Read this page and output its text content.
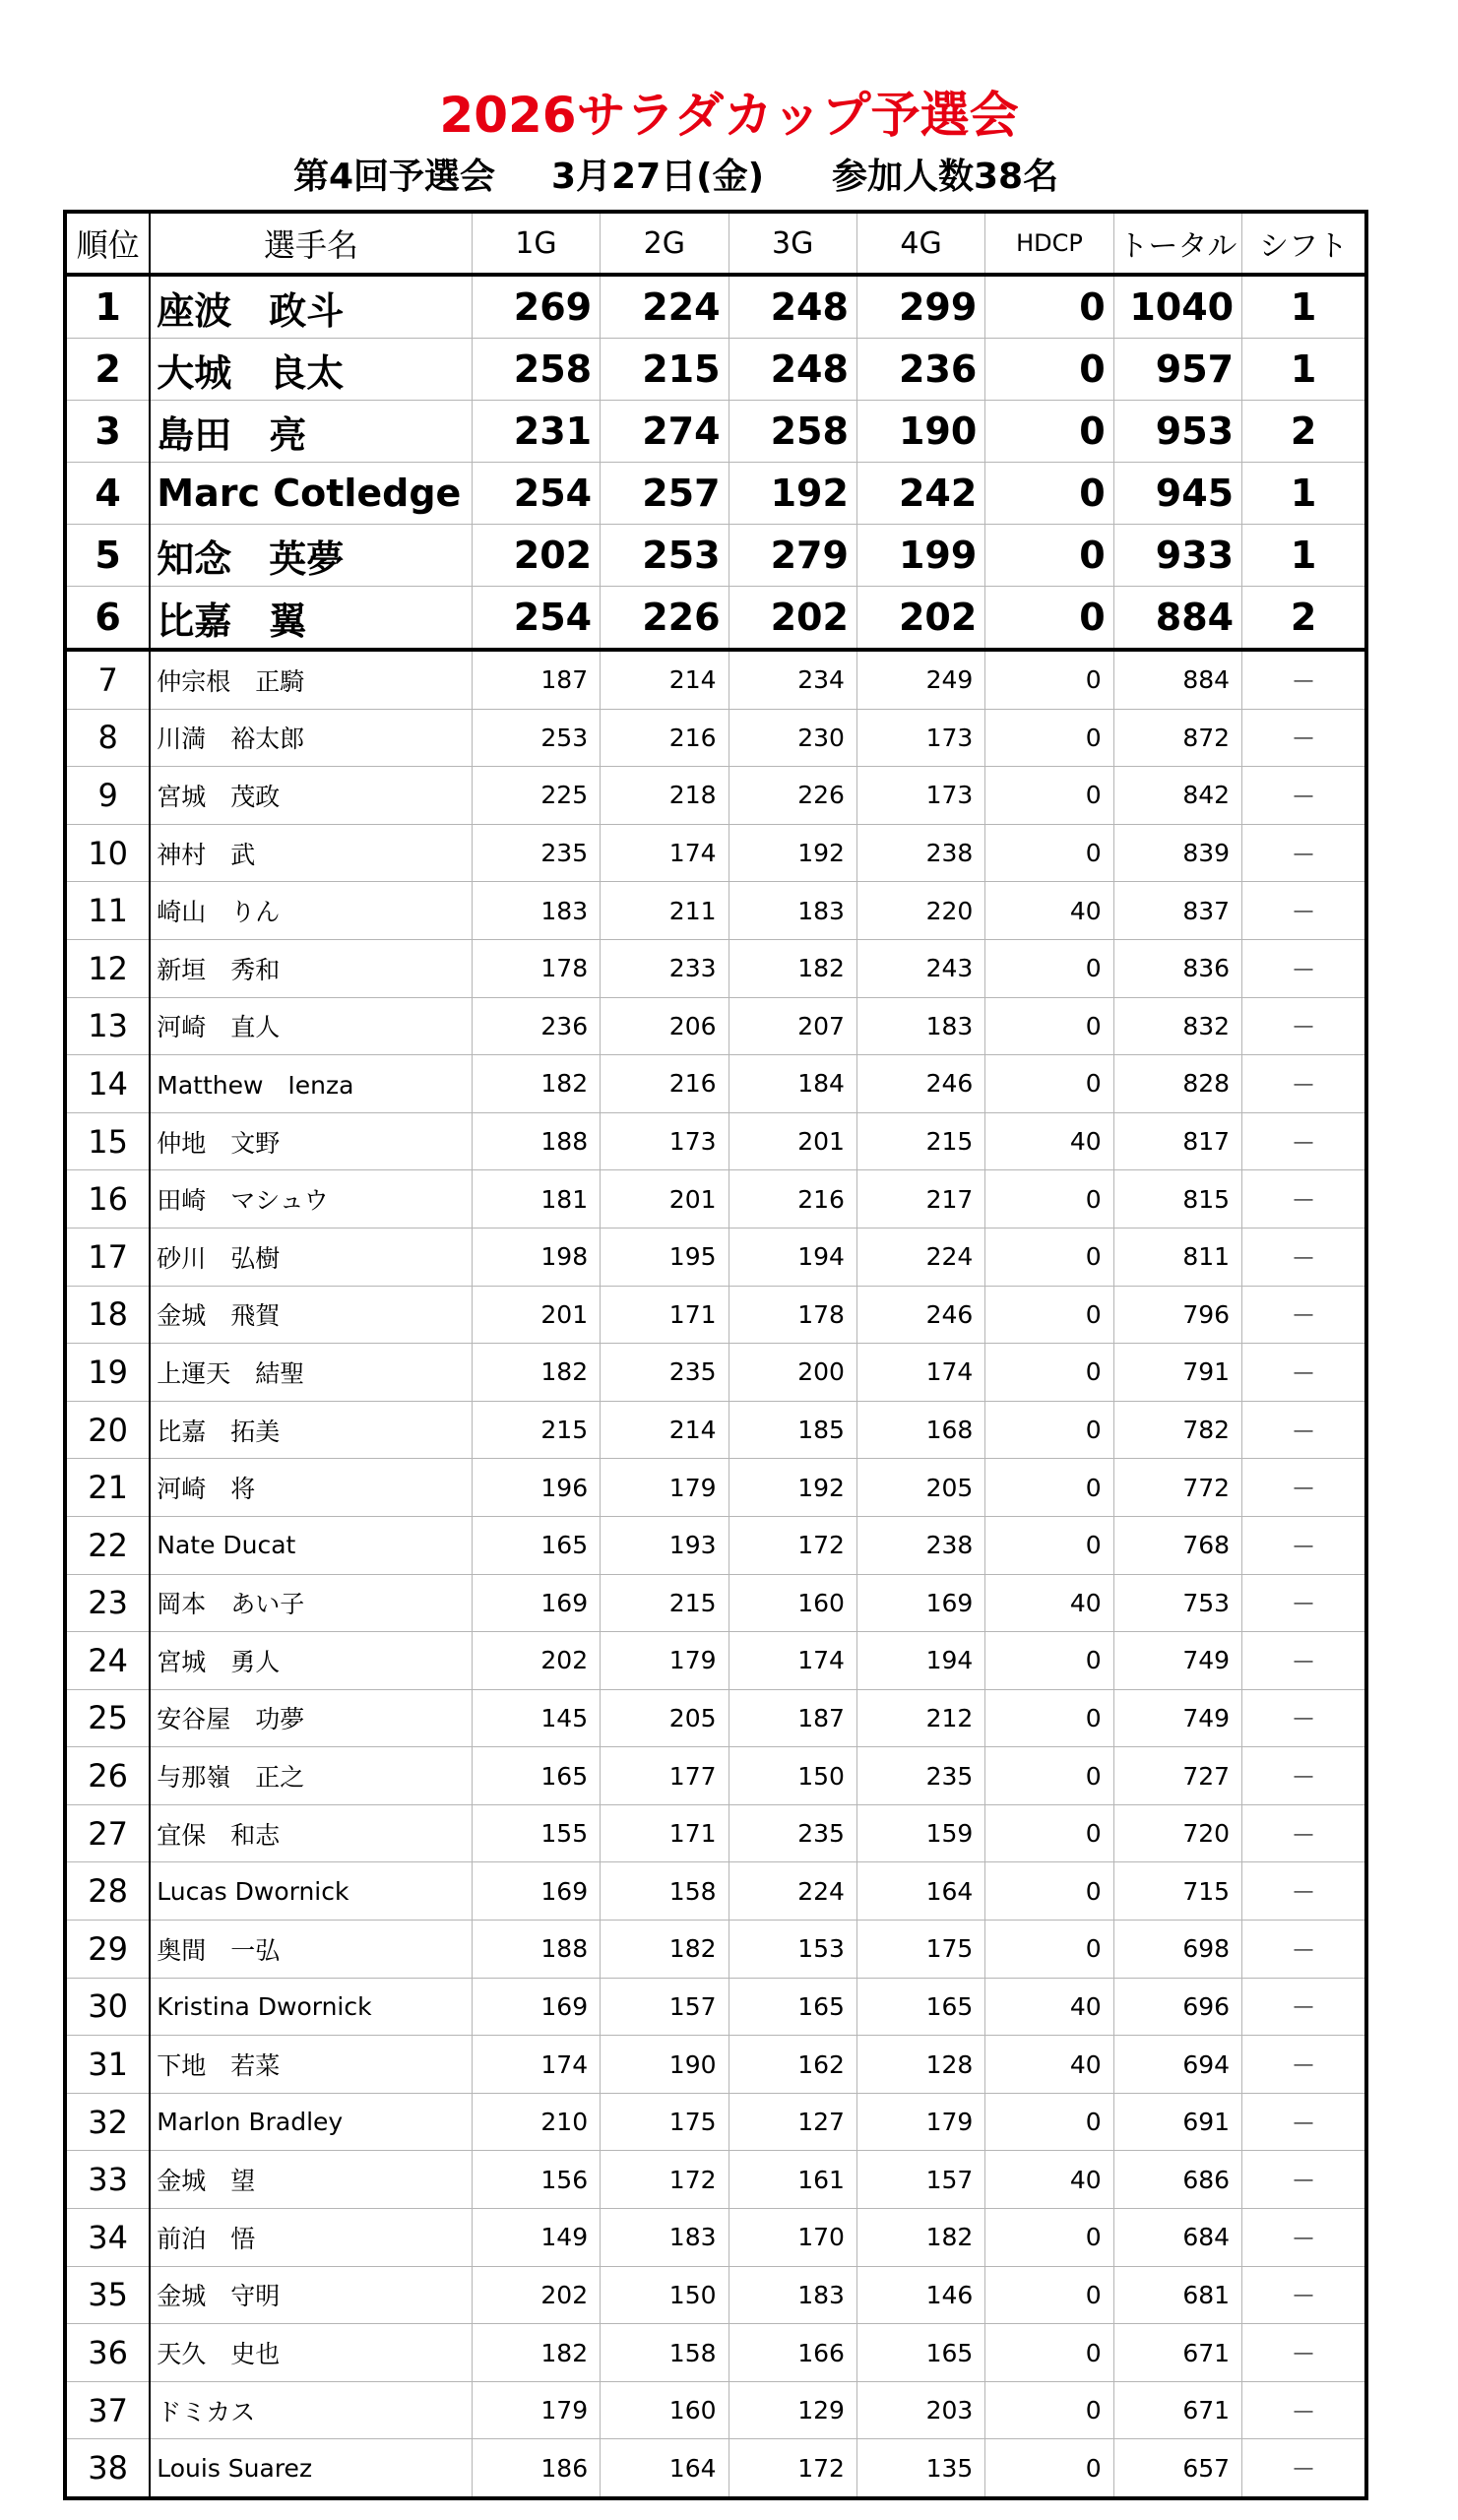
2026サラダカップ予選会
第4回予選会 3月27日(金) 参加人数38名
順位	選手名	1G	2G	3G	4G	HDCP	トータル	シフト
1	座波　政斗	269	224	248	299	0	1040	1
2	大城　良太	258	215	248	236	0	957	1
3	島田　亮	231	274	258	190	0	953	2
4	Marc Cotledge	254	257	192	242	0	945	1
5	知念　英夢	202	253	279	199	0	933	1
6	比嘉　翼	254	226	202	202	0	884	2
7	仲宗根　正騎	187	214	234	249	0	884	－
8	川満　裕太郎	253	216	230	173	0	872	－
9	宮城　茂政	225	218	226	173	0	842	－
10	神村　武	235	174	192	238	0	839	－
11	崎山　りん	183	211	183	220	40	837	－
12	新垣　秀和	178	233	182	243	0	836	－
13	河崎　直人	236	206	207	183	0	832	－
14	Matthew　Ienza	182	216	184	246	0	828	－
15	仲地　文野	188	173	201	215	40	817	－
16	田崎　マシュウ	181	201	216	217	0	815	－
17	砂川　弘樹	198	195	194	224	0	811	－
18	金城　飛賀	201	171	178	246	0	796	－
19	上運天　結聖	182	235	200	174	0	791	－
20	比嘉　拓美	215	214	185	168	0	782	－
21	河崎　将	196	179	192	205	0	772	－
22	Nate Ducat	165	193	172	238	0	768	－
23	岡本　あい子	169	215	160	169	40	753	－
24	宮城　勇人	202	179	174	194	0	749	－
25	安谷屋　功夢	145	205	187	212	0	749	－
26	与那嶺　正之	165	177	150	235	0	727	－
27	宜保　和志	155	171	235	159	0	720	－
28	Lucas Dwornick	169	158	224	164	0	715	－
29	奥間　一弘	188	182	153	175	0	698	－
30	Kristina Dwornick	169	157	165	165	40	696	－
31	下地　若菜	174	190	162	128	40	694	－
32	Marlon Bradley	210	175	127	179	0	691	－
33	金城　望	156	172	161	157	40	686	－
34	前泊　悟	149	183	170	182	0	684	－
35	金城　守明	202	150	183	146	0	681	－
36	天久　史也	182	158	166	165	0	671	－
37	ドミカス	179	160	129	203	0	671	－
38	Louis Suarez	186	164	172	135	0	657	－
